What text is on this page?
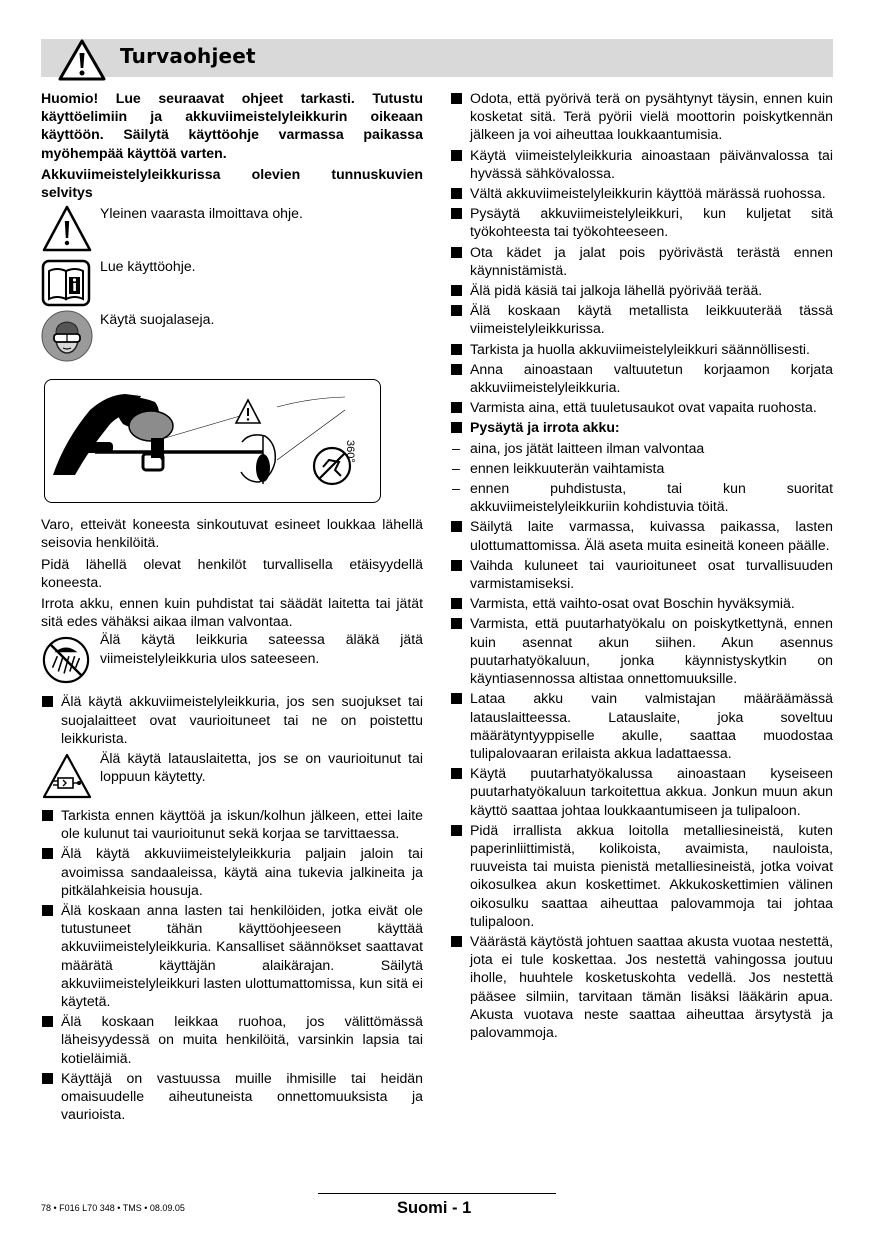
Turvaohjeet

Huomio! Lue seuraavat ohjeet tarkasti. Tutustu käyttöelimiin ja akkuviimeistelyleikkurin oikeaan käyttöön. Säilytä käyttöohje varmassa paikassa myöhempää käyttöä varten.

Akkuviimeistelyleikkurissa olevien tunnuskuvien selvitys

Yleinen vaarasta ilmoittava ohje.
Lue käyttöohje.
Käytä suojalaseja.
360°

Varo, etteivät koneesta sinkoutuvat esineet loukkaa lähellä seisovia henkilöitä.

Pidä lähellä olevat henkilöt turvallisella etäisyydellä koneesta.

Irrota akku, ennen kuin puhdistat tai säädät laitetta tai jätät sitä edes vähäksi aikaa ilman valvontaa.

Älä käytä leikkuria sateessa äläkä jätä viimeistelyleikkuria ulos sateeseen.
Älä käytä akkuviimeistelyleikkuria, jos sen suojukset tai suojalaitteet ovat vaurioituneet tai ne on poistettu leikkurista.
Älä käytä latauslaitetta, jos se on vaurioitunut tai loppuun käytetty.
Tarkista ennen käyttöä ja iskun/kolhun jälkeen, ettei laite ole kulunut tai vaurioitunut sekä korjaa se tarvittaessa.
Älä käytä akkuviimeistelyleikkuria paljain jaloin tai avoimissa sandaaleissa, käytä aina tukevia jalkineita ja pitkälahkeisia housuja.
Älä koskaan anna lasten tai henkilöiden, jotka eivät ole tutustuneet tähän käyttöohjeeseen käyttää akkuviimeistelyleikkuria. Kansalliset säännökset saattavat määrätä käyttäjän alaikärajan. Säilytä akkuviimeistelyleikkuri lasten ulottumattomissa, kun sitä ei käytetä.
Älä koskaan leikkaa ruohoa, jos välittömässä läheisyydessä on muita henkilöitä, varsinkin lapsia tai kotieläimiä.
Käyttäjä on vastuussa muille ihmisille tai heidän omaisuudelle aiheutuneista onnettomuuksista ja vaurioista.
Odota, että pyörivä terä on pysähtynyt täysin, ennen kuin kosketat sitä. Terä pyörii vielä moottorin poiskytkennän jälkeen ja voi aiheuttaa loukkaantumisia.
Käytä viimeistelyleikkuria ainoastaan päivänvalossa tai hyvässä sähkövalossa.
Vältä akkuviimeistelyleikkurin käyttöä märässä ruohossa.
Pysäytä akkuviimeistelyleikkuri, kun kuljetat sitä työkohteesta tai työkohteeseen.
Ota kädet ja jalat pois pyörivästä terästä ennen käynnistämistä.
Älä pidä käsiä tai jalkoja lähellä pyörivää terää.
Älä koskaan käytä metallista leikkuuterää tässä viimeistelyleikkurissa.
Tarkista ja huolla akkuviimeistelyleikkuri säännöllisesti.
Anna ainoastaan valtuutetun korjaamon korjata akkuviimeistelyleikkuria.
Varmista aina, että tuuletusaukot ovat vapaita ruohosta.
Pysäytä ja irrota akku:
– aina, jos jätät laitteen ilman valvontaa
– ennen leikkuuterän vaihtamista
– ennen puhdistusta, tai kun suoritat akkuviimeistelyleikkuriin kohdistuvia töitä.
Säilytä laite varmassa, kuivassa paikassa, lasten ulottumattomissa. Älä aseta muita esineitä koneen päälle.
Vaihda kuluneet tai vaurioituneet osat turvallisuuden varmistamiseksi.
Varmista, että vaihto-osat ovat Boschin hyväksymiä.
Varmista, että puutarhatyökalu on poiskytkettynä, ennen kuin asennat akun siihen. Akun asennus puutarhatyökaluun, jonka käynnistyskytkin on käyntiasennossa altistaa onnettomuuksille.
Lataa akku vain valmistajan määräämässä latauslaitteessa. Latauslaite, joka soveltuu määrätyntyyppiselle akulle, saattaa muodostaa tulipalovaaran erilaista akkua ladattaessa.
Käytä puutarhatyökalussa ainoastaan kyseiseen puutarhatyökaluun tarkoitettua akkua. Jonkun muun akun käyttö saattaa johtaa loukkaantumiseen ja tulipaloon.
Pidä irrallista akkua loitolla metalliesineistä, kuten paperinliittimistä, kolikoista, avaimista, nauloista, ruuveista tai muista pienistä metalliesineistä, jotka voivat oikosulkea akun koskettimet. Akkukoskettimien välinen oikosulku saattaa aiheuttaa palovammoja tai johtaa tulipaloon.
Väärästä käytöstä johtuen saattaa akusta vuotaa nestettä, jota ei tule koskettaa. Jos nestettä vahingossa joutuu iholle, huuhtele kosketuskohta vedellä. Jos nestettä pääsee silmiin, tarvitaan tämän lisäksi lääkärin apua. Akusta vuotava neste saattaa aiheuttaa ärsytystä ja palovammoja.
78 • F016 L70 348 • TMS • 08.09.05	Suomi - 1
